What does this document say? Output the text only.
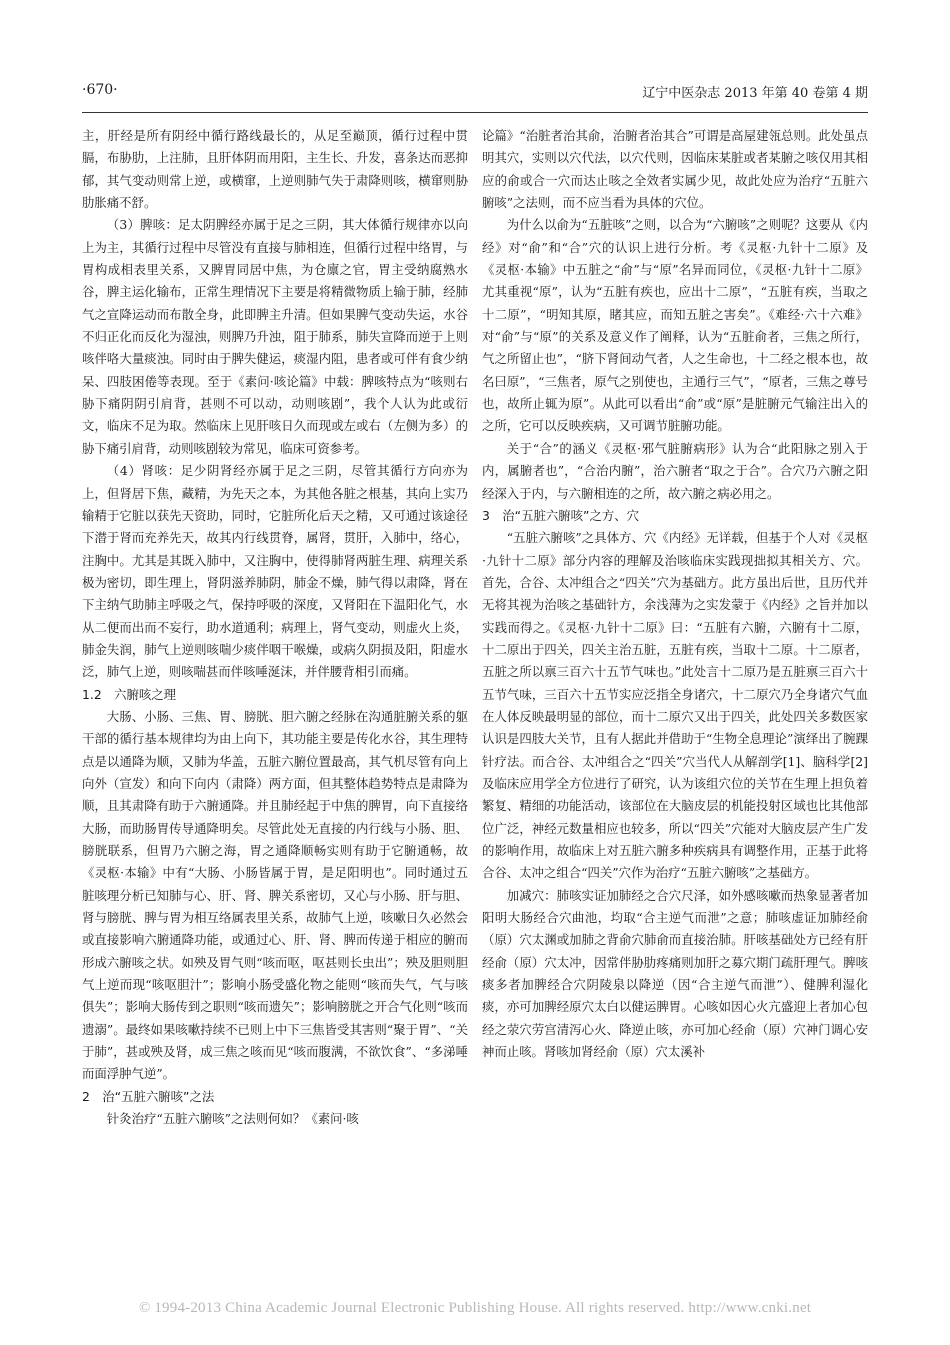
·670·	辽宁中医杂志 2013 年第 40 卷第 4 期

主，肝经是所有阴经中循行路线最长的，从足至巅顶，循行过程中贯膈，布胁肋，上注肺，且肝体阴而用阳，主生长、升发，喜条达而恶抑郁，其气变动则常上逆，或横窜，上逆则肺气失于肃降则咳，横窜则胁肋胀痛不舒。

（3）脾咳：足太阴脾经亦属于足之三阴，其大体循行规律亦以向上为主，其循行过程中尽管没有直接与肺相连，但循行过程中络胃，与胃构成相表里关系，又脾胃同居中焦，为仓廪之官，胃主受纳腐熟水谷，脾主运化输布，正常生理情况下主要是将精微物质上输于肺，经肺气之宣降运动而布散全身，此即脾主升清。但如果脾气变动失运，水谷不归正化而反化为湿浊，则脾乃升浊，阻于肺系，肺失宣降而逆于上则咳伴咯大量痰浊。同时由于脾失健运，痰湿内阻，患者或可伴有食少纳呆、四肢困倦等表现。至于《素问·咳论篇》中载：脾咳特点为“咳则右胁下痛阴阴引肩背，甚则不可以动，动则咳剧”，我个人认为此或衍文，临床不足为取。然临床上见肝咳日久而现或左或右（左侧为多）的胁下痛引肩背，动则咳剧较为常见，临床可资参考。

（4）肾咳：足少阴肾经亦属于足之三阴，尽管其循行方向亦为上，但肾居下焦，藏精，为先天之本，为其他各脏之根基，其向上实乃输精于它脏以获先天资助，同时，它脏所化后天之精，又可通过该途径下潜于肾而充养先天，故其内行线贯脊，属肾，贯肝，入肺中，络心，注胸中。尤其是其既入肺中，又注胸中，使得肺肾两脏生理、病理关系极为密切，即生理上，肾阴滋养肺阴，肺金不燥，肺气得以肃降，肾在下主纳气助肺主呼吸之气，保持呼吸的深度，又肾阳在下温阳化气，水从二便而出而不妄行，助水道通利；病理上，肾气变动，则虚火上炎，肺金失润，肺气上逆则咳喘少痰伴咽干喉燥，或病久阴损及阳，阳虚水泛，肺气上逆，则咳喘甚而伴咳唾涎沫，并伴腰背相引而痛。

1.2　六腑咳之理

大肠、小肠、三焦、胃、膀胱、胆六腑之经脉在沟通脏腑关系的躯干部的循行基本规律均为由上向下，其功能主要是传化水谷，其生理特点是以通降为顺，又肺为华盖，五脏六腑位置最高，其气机尽管有向上向外（宣发）和向下向内（肃降）两方面，但其整体趋势特点是肃降为顺，且其肃降有助于六腑通降。并且肺经起于中焦的脾胃，向下直接络大肠，而助肠胃传导通降明矣。尽管此处无直接的内行线与小肠、胆、膀胱联系，但胃乃六腑之海，胃之通降顺畅实则有助于它腑通畅，故《灵枢·本输》中有“大肠、小肠皆属于胃，是足阳明也”。同时通过五脏咳理分析已知肺与心、肝、肾、脾关系密切，又心与小肠、肝与胆、肾与膀胱、脾与胃为相互络属表里关系，故肺气上逆，咳嗽日久必然会或直接影响六腑通降功能，或通过心、肝、肾、脾而传递于相应的腑而形成六腑咳之状。如殃及胃气则“咳而呕，呕甚则长虫出”；殃及胆则胆气上逆而现“咳呕胆汁”；影响小肠受盛化物之能则“咳而失气，气与咳俱失”；影响大肠传到之职则“咳而遗矢”；影响膀胱之开合气化则“咳而遗溺”。最终如果咳嗽持续不已则上中下三焦皆受其害则“聚于胃”、“关于肺”，甚或殃及肾，成三焦之咳而见“咳而腹满，不欲饮食”、“多涕唾而面浮肿气逆”。

2　治“五脏六腑咳”之法

针灸治疗“五脏六腑咳”之法则何如？《素问·咳

论篇》“治脏者治其俞，治腑者治其合”可谓是高屋建瓴总则。此处虽点明其穴，实则以穴代法，以穴代则，因临床某脏或者某腑之咳仅用其相应的俞或合一穴而达止咳之全效者实属少见，故此处应为治疗“五脏六腑咳”之法则，而不应当看为具体的穴位。

为什么以俞为“五脏咳”之则，以合为“六腑咳”之则呢？这要从《内经》对“俞”和“合”穴的认识上进行分析。考《灵枢·九针十二原》及《灵枢·本输》中五脏之“俞”与“原”名异而同位，《灵枢·九针十二原》尤其重视“原”，认为“五脏有疾也，应出十二原”，“五脏有疾，当取之十二原”，“明知其原，睹其应，而知五脏之害矣”。《难经·六十六难》对“俞”与“原”的关系及意义作了阐释，认为“五脏俞者，三焦之所行，气之所留止也”，“脐下肾间动气者，人之生命也，十二经之根本也，故名曰原”，“三焦者，原气之别使也，主通行三气”，“原者，三焦之尊号也，故所止辄为原”。从此可以看出“俞”或“原”是脏腑元气输注出入的之所，它可以反映疾病，又可调节脏腑功能。

关于“合”的涵义《灵枢·邪气脏腑病形》认为合“此阳脉之别入于内，属腑者也”，“合治内腑”，治六腑者“取之于合”。合穴乃六腑之阳经深入于内，与六腑相连的之所，故六腑之病必用之。

3　治“五脏六腑咳”之方、穴

“五脏六腑咳”之具体方、穴《内经》无详载，但基于个人对《灵枢·九针十二原》部分内容的理解及治咳临床实践现拙拟其相关方、穴。首先，合谷、太冲组合之“四关”穴为基础方。此方虽出后世，且历代并无将其视为治咳之基础针方，余浅薄为之实发蒙于《内经》之旨并加以实践而得之。《灵枢·九针十二原》曰：“五脏有六腑，六腑有十二原，十二原出于四关，四关主治五脏，五脏有疾，当取十二原。十二原者，五脏之所以禀三百六十五节气味也。”此处言十二原乃是五脏禀三百六十五节气味，三百六十五节实应泛指全身诸穴，十二原穴乃全身诸穴气血在人体反映最明显的部位，而十二原穴又出于四关，此处四关多数医家认识是四肢大关节，且有人据此并借助于“生物全息理论”演绎出了腕踝针疗法。而合谷、太冲组合之“四关”穴当代人从解剖学[1]、脑科学[2]及临床应用学全方位进行了研究，认为该组穴位的关节在生理上担负着繁复、精细的功能活动，该部位在大脑皮层的机能投射区域也比其他部位广泛，神经元数量相应也较多，所以“四关”穴能对大脑皮层产生广发的影响作用，故临床上对五脏六腑多种疾病具有调整作用，正基于此将合谷、太冲之组合“四关”穴作为治疗“五脏六腑咳”之基础方。

加减穴：肺咳实证加肺经之合穴尺泽，如外感咳嗽而热象显著者加阳明大肠经合穴曲池，均取“合主逆气而泄”之意；肺咳虚证加肺经俞（原）穴太渊或加肺之背俞穴肺俞而直接治肺。肝咳基础处方已经有肝经俞（原）穴太冲，因常伴胁肋疼痛则加肝之募穴期门疏肝理气。脾咳痰多者加脾经合穴阴陵泉以降逆（因“合主逆气而泄”）、健脾利湿化痰，亦可加脾经原穴太白以健运脾胃。心咳如因心火亢盛迎上者加心包经之荥穴劳宫清泻心火、降逆止咳，亦可加心经俞（原）穴神门调心安神而止咳。肾咳加肾经俞（原）穴太溪补

© 1994-2013 China Academic Journal Electronic Publishing House. All rights reserved. http://www.cnki.net
